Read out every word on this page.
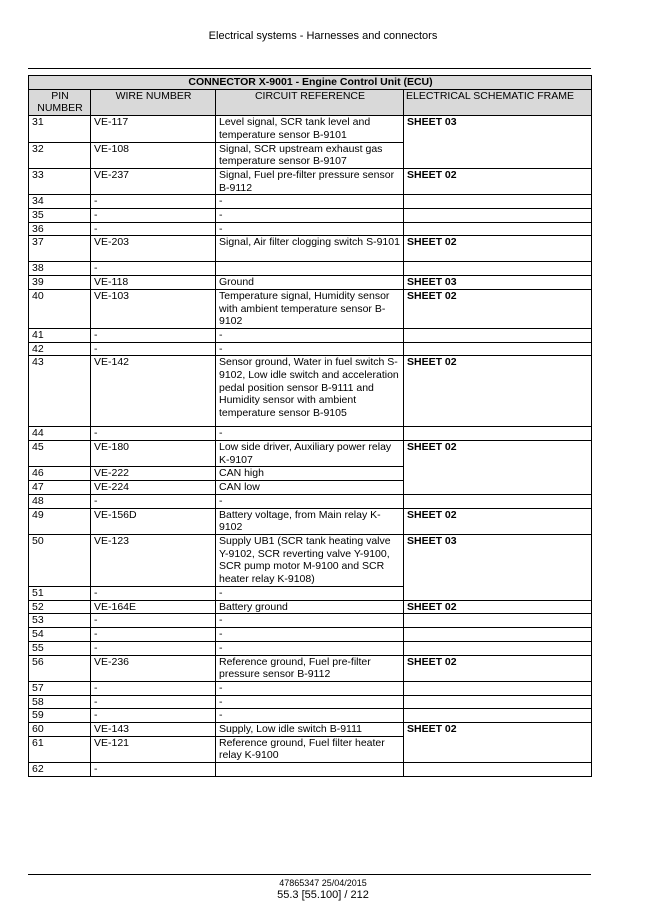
Electrical systems - Harnesses and connectors
CONNECTOR X-9001 - Engine Control Unit (ECU)			
PIN NUMBER	WIRE NUMBER	CIRCUIT REFERENCE	ELECTRICAL SCHEMATIC FRAME
31	VE-117	Level signal, SCR tank level and temperature sensor B-9101	SHEET 03
32	VE-108	Signal, SCR upstream exhaust gas temperature sensor B-9107	
33	VE-237	Signal, Fuel pre-filter pressure sensor B-9112	SHEET 02
34	-	-	
35	-	-	
36	-	-	
37	VE-203	Signal, Air filter clogging switch S-9101	SHEET 02
38	-		
39	VE-118	Ground	SHEET 03
40	VE-103	Temperature signal, Humidity sensor with ambient temperature sensor B-9102	SHEET 02
41	-	-	
42	-	-	
43	VE-142	Sensor ground, Water in fuel switch S-9102, Low idle switch and acceleration pedal position sensor B-9111 and Humidity sensor with ambient temperature sensor B-9105	SHEET 02
44	-	-	
45	VE-180	Low side driver, Auxiliary power relay K-9107	SHEET 02
46	VE-222	CAN high	
47	VE-224	CAN low	
48	-	-	
49	VE-156D	Battery voltage, from Main relay K-9102	SHEET 02
50	VE-123	Supply UB1 (SCR tank heating valve Y-9102, SCR reverting valve Y-9100, SCR pump motor M-9100 and SCR heater relay K-9108)	SHEET 03
51	-	-	
52	VE-164E	Battery ground	SHEET 02
53	-	-	
54	-	-	
55	-	-	
56	VE-236	Reference ground, Fuel pre-filter pressure sensor B-9112	SHEET 02
57	-	-	
58	-	-	
59	-	-	
60	VE-143	Supply, Low idle switch B-9111	SHEET 02
61	VE-121	Reference ground, Fuel filter heater relay K-9100	
62	-		
47865347 25/04/2015
55.3 [55.100] / 212
